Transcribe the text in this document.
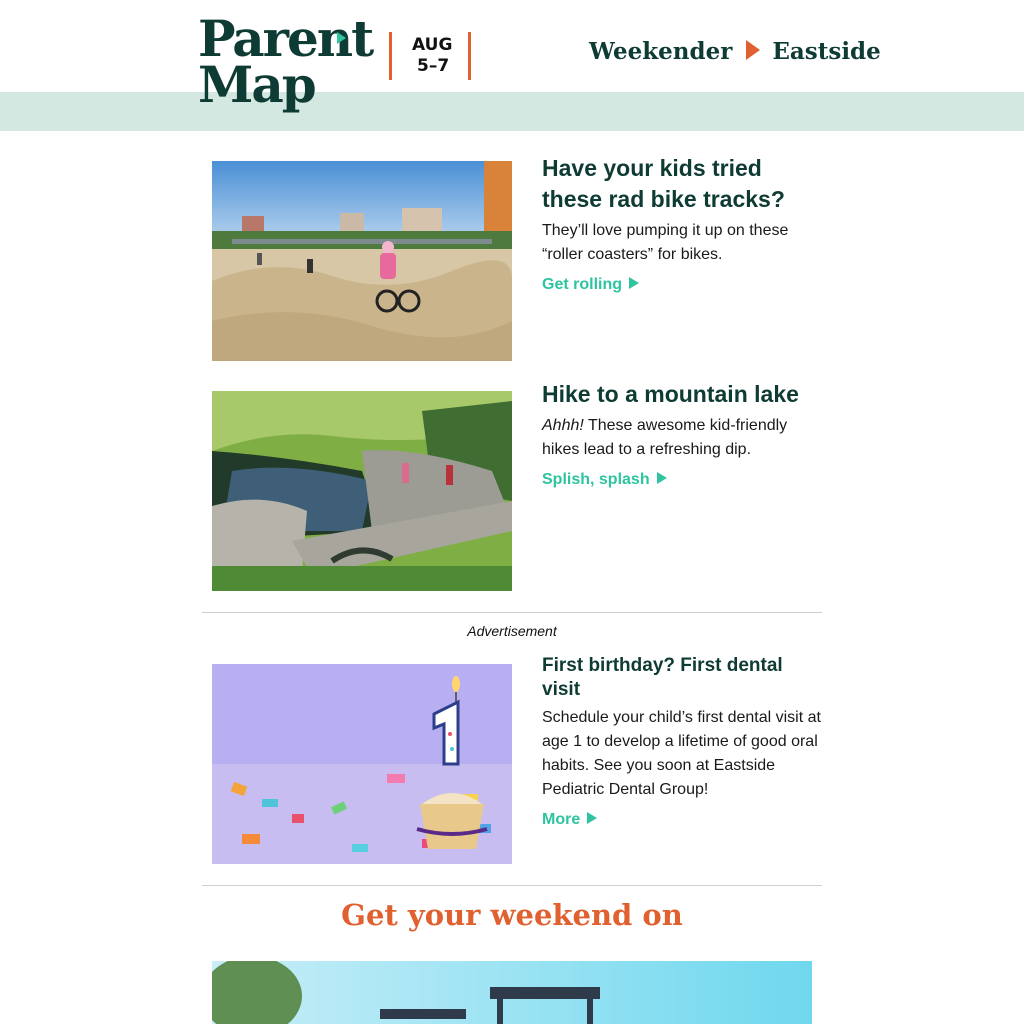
Parent
Map
AUG
5–7
Weekender Eastside
Have your kids tried these rad bike tracks?
They’ll love pumping it up on these “roller coasters” for bikes.
Get rolling
Hike to a mountain lake
Ahhh! These awesome kid-friendly hikes lead to a refreshing dip.
Splish, splash
Advertisement
First birthday? First dental visit
Schedule your child’s first dental visit at age 1 to develop a lifetime of good oral habits. See you soon at Eastside Pediatric Dental Group!
More
Get your weekend on
